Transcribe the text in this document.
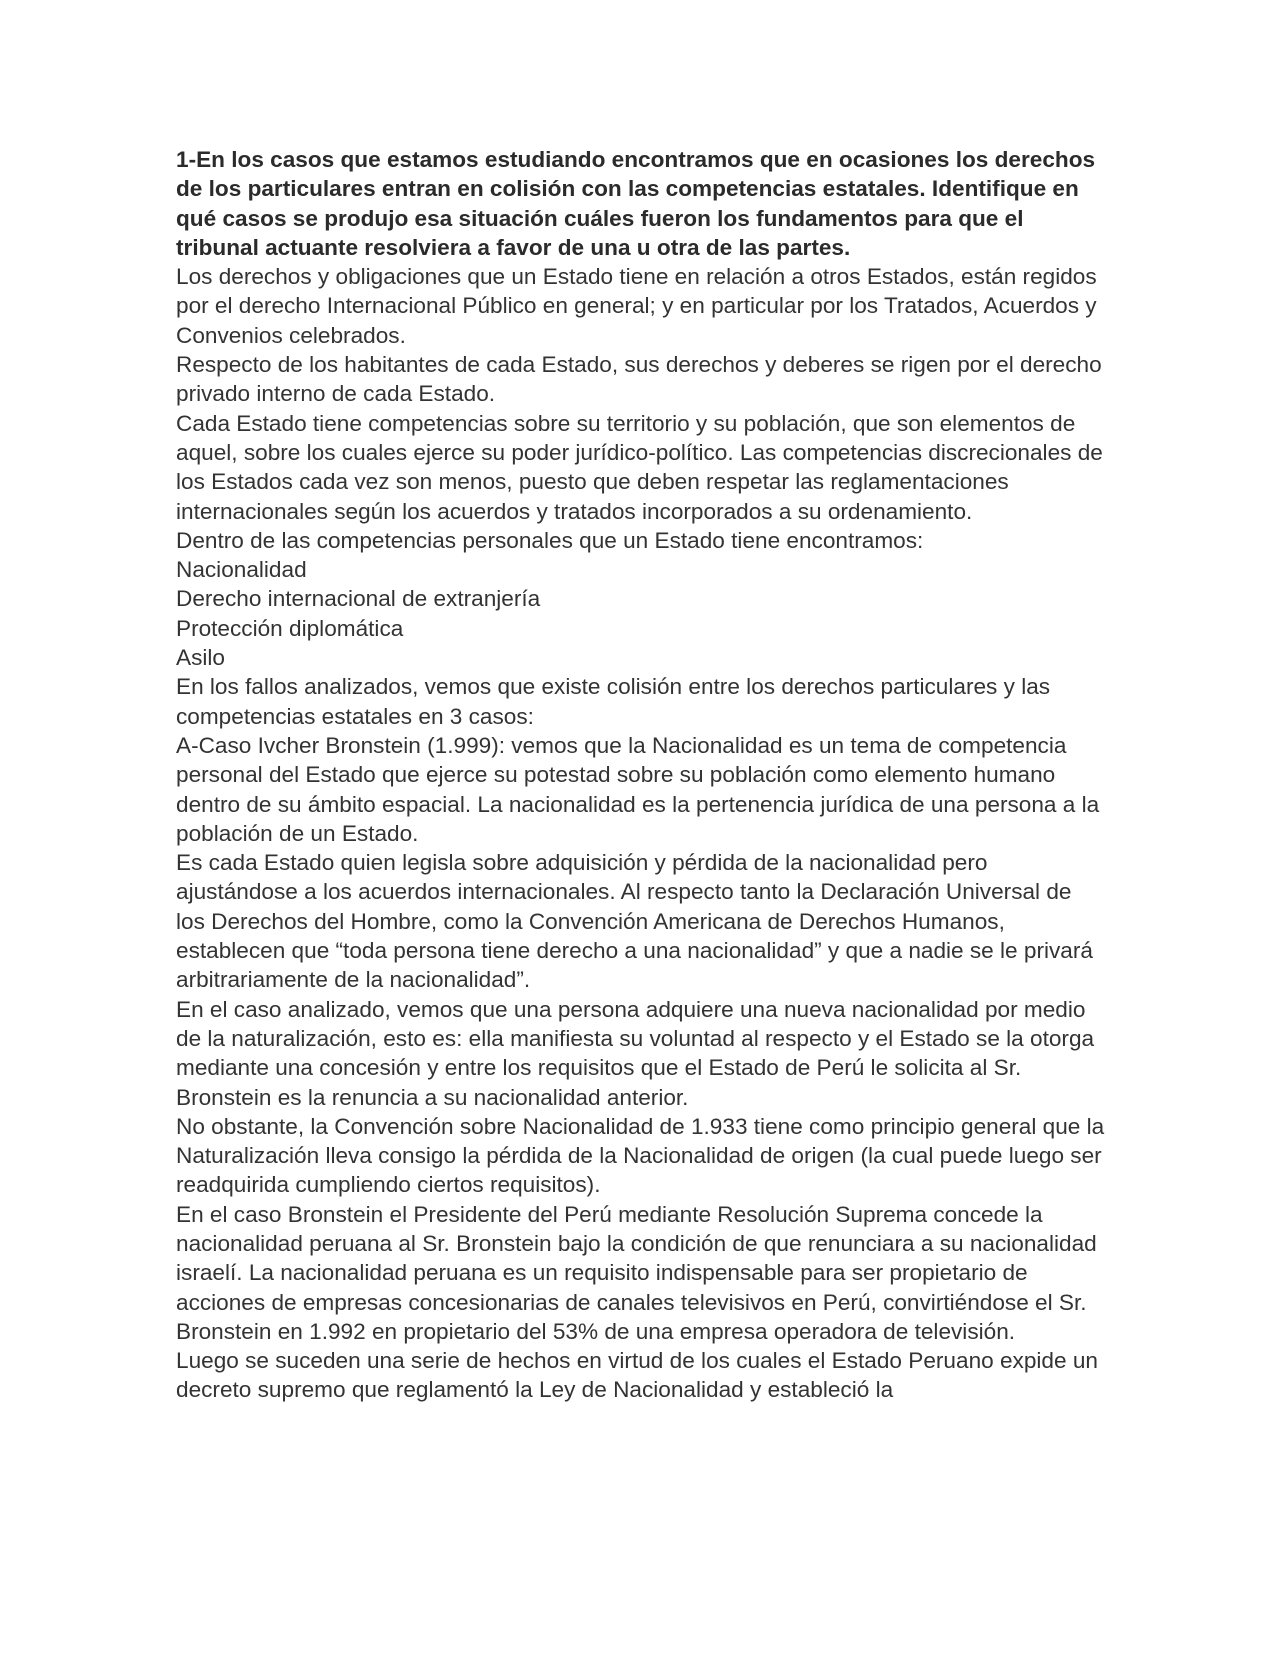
1-En los casos que estamos estudiando encontramos que en ocasiones los derechos de los particulares entran en colisión con las competencias estatales. Identifique en qué casos se produjo esa situación cuáles fueron los fundamentos para que el tribunal actuante resolviera a favor de una u otra de las partes.

Los derechos y obligaciones que un Estado tiene en relación a otros Estados, están regidos por el derecho Internacional Público en general; y en particular por los Tratados, Acuerdos y Convenios celebrados.

Respecto de los habitantes de cada Estado, sus derechos y deberes se rigen por el derecho privado interno de cada Estado.

Cada Estado tiene competencias sobre su territorio y su población, que son elementos de aquel, sobre los cuales ejerce su poder jurídico-político. Las competencias discrecionales de los Estados cada vez son menos, puesto que deben respetar las reglamentaciones internacionales según los acuerdos y tratados incorporados a su ordenamiento.

Dentro de las competencias personales que un Estado tiene encontramos:

Nacionalidad

Derecho internacional de extranjería

Protección diplomática

Asilo

En los fallos analizados, vemos que existe colisión entre los derechos particulares y las competencias estatales en 3 casos:

A-Caso Ivcher Bronstein (1.999): vemos que la Nacionalidad es un tema de competencia personal del Estado que ejerce su potestad sobre su población como elemento humano dentro de su ámbito espacial. La nacionalidad es la pertenencia jurídica de una persona a la población de un Estado.

Es cada Estado quien legisla sobre adquisición y pérdida de la nacionalidad pero ajustándose a los acuerdos internacionales. Al respecto tanto la Declaración Universal de los Derechos del Hombre, como la Convención Americana de Derechos Humanos, establecen que “toda persona tiene derecho a una nacionalidad” y que a nadie se le privará arbitrariamente de la nacionalidad”.

En el caso analizado, vemos que una persona adquiere una nueva nacionalidad por medio de la naturalización, esto es: ella manifiesta su voluntad al respecto y el Estado se la otorga mediante una concesión y entre los requisitos que el Estado de Perú le solicita al Sr. Bronstein es la renuncia a su nacionalidad anterior.

No obstante, la Convención sobre Nacionalidad de 1.933 tiene como principio general que la Naturalización lleva consigo la pérdida de la Nacionalidad de origen (la cual puede luego ser readquirida cumpliendo ciertos requisitos).

En el caso Bronstein el Presidente del Perú mediante Resolución Suprema concede la nacionalidad peruana al Sr. Bronstein bajo la condición de que renunciara a su nacionalidad israelí. La nacionalidad peruana es un requisito indispensable para ser propietario de acciones de empresas concesionarias de canales televisivos en Perú, convirtiéndose el Sr. Bronstein en 1.992 en propietario del 53% de una empresa operadora de televisión.

Luego se suceden una serie de hechos en virtud de los cuales el Estado Peruano expide un decreto supremo que reglamentó la Ley de Nacionalidad y estableció la
